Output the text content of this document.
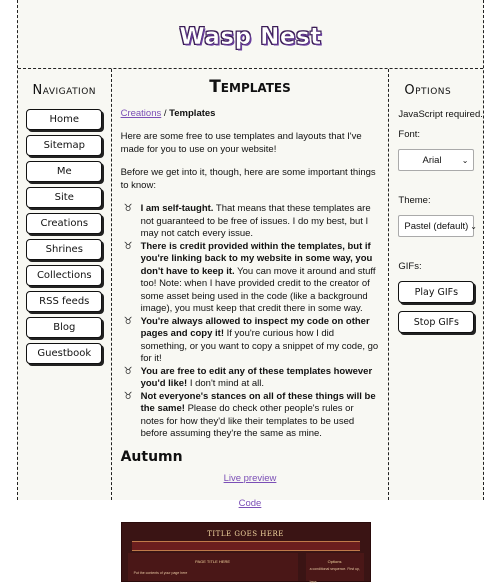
Wasp Nest
Navigation
Home
Sitemap
Me
Site
Creations
Shrines
Collections
RSS feeds
Blog
Guestbook
Templates
Creations / Templates

Here are some free to use templates and layouts that I've made for you to use on your website!

Before we get into it, though, here are some important things to know:

♉︎ I am self-taught. That means that these templates are not guaranteed to be free of issues. I do my best, but I may not catch every issue.
♉︎ There is credit provided within the templates, but if you're linking back to my website in some way, you don't have to keep it. You can move it around and stuff too! Note: when I have provided credit to the creator of some asset being used in the code (like a background image), you must keep that credit there in some way.
♉︎ You're always allowed to inspect my code on other pages and copy it! If you're curious how I did something, or you want to copy a snippet of my code, go for it!
♉︎ You are free to edit any of these templates however you'd like! I don't mind at all.
♉︎ Not everyone's stances on all of these things will be the same! Please do check other people's rules or notes for how they'd like their templates to be used before assuming they're the same as mine.
Autumn
Live preview
Code
TITLE GOES HERE
PAGE TITLE HERE
Put the contents of your page here
Options
a conditional sequence. First up, here
Options
JavaScript required.
Font:
Arial	⌄
Theme:
Pastel (default) ⌄
GIFs:
Play GIFs
Stop GIFs
